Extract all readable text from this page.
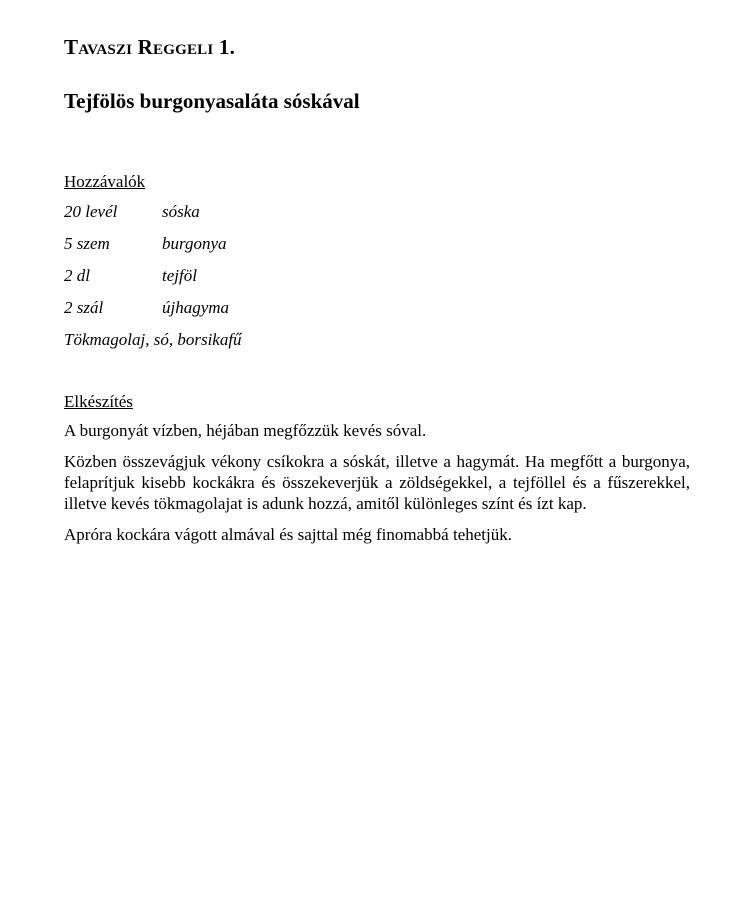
Tavaszi Reggeli 1.
Tejfölös burgonyasaláta sóskával
Hozzávalók
20 levél	sóska
5 szem	burgonya
2 dl	tejföl
2 szál	újhagyma
Tökmagolaj, só, borsikafű
Elkészítés

A burgonyát vízben, héjában megfőzzük kevés sóval.

Közben összevágjuk vékony csíkokra a sóskát, illetve a hagymát. Ha megfőtt a burgonya, felaprítjuk kisebb kockákra és összekeverjük a zöldségekkel, a tejföllel és a fűszerekkel, illetve kevés tökmagolajat is adunk hozzá, amitől különleges színt és ízt kap.

Apróra kockára vágott almával és sajttal még finomabbá tehetjük.
